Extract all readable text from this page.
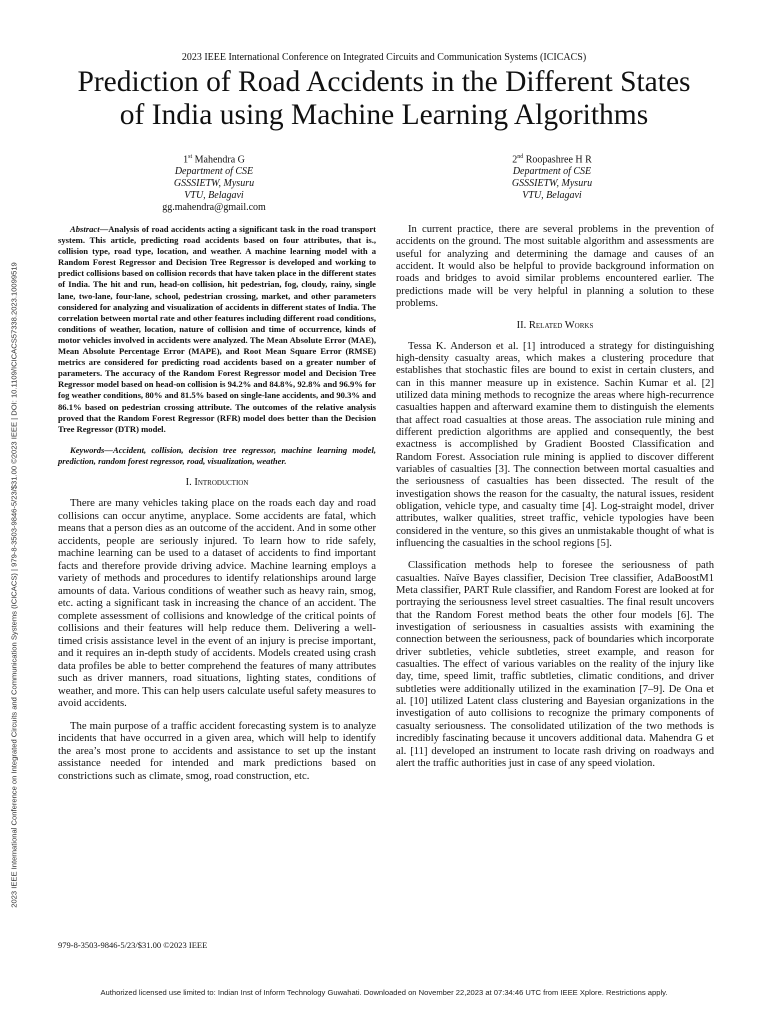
2023 IEEE International Conference on Integrated Circuits and Communication Systems (ICICACS)
Prediction of Road Accidents in the Different States
of India using Machine Learning Algorithms
2023 IEEE International Conference on Integrated Circuits and Communication Systems (ICICACS) | 979-8-3503-9846-5/23/$31.00 ©2023 IEEE | DOI: 10.1109/ICICACS57338.2023.10099519
1st Mahendra G
Department of CSE
GSSSIETW, Mysuru
VTU, Belagavi
gg.mahendra@gmail.com
2nd Roopashree H R
Department of CSE
GSSSIETW, Mysuru
VTU, Belagavi

Abstract—Analysis of road accidents acting a significant task in the road transport system. This article, predicting road accidents based on four attributes, that is., collision type, road type, location, and weather. A machine learning model with a Random Forest Regressor and Decision Tree Regressor is developed and working to predict collisions based on collision records that have taken place in the different states of India. The hit and run, head-on collision, hit pedestrian, fog, cloudy, rainy, single lane, two-lane, four-lane, school, pedestrian crossing, market, and other parameters considered for analyzing and visualization of accidents in different states of India. The correlation between mortal rate and other features including different road conditions, conditions of weather, location, nature of collision and time of occurrence, kinds of motor vehicles involved in accidents were analyzed. The Mean Absolute Error (MAE), Mean Absolute Percentage Error (MAPE), and Root Mean Square Error (RMSE) metrics are considered for predicting road accidents based on a greater number of parameters. The accuracy of the Random Forest Regressor model and Decision Tree Regressor model based on head-on collision is 94.2% and 84.8%, 92.8% and 96.9% for fog weather conditions, 80% and 81.5% based on single-lane accidents, and 90.3% and 86.1% based on pedestrian crossing attribute. The outcomes of the relative analysis proved that the Random Forest Regressor (RFR) model does better than the Decision Tree Regressor (DTR) model.

Keywords—Accident, collision, decision tree regressor, machine learning model, prediction, random forest regressor, road, visualization, weather.

I. Introduction

There are many vehicles taking place on the roads each day and road collisions can occur anytime, anyplace. Some accidents are fatal, which means that a person dies as an outcome of the accident. And in some other accidents, people are seriously injured. To learn how to ride safely, machine learning can be used to a dataset of accidents to find important facts and therefore provide driving advice. Machine learning employs a variety of methods and procedures to identify relationships around large amounts of data. Various conditions of weather such as heavy rain, smog, etc. acting a significant task in increasing the chance of an accident. The complete assessment of collisions and knowledge of the critical points of collisions and their features will help reduce them. Delivering a well-timed crisis assistance level in the event of an injury is precise important, and it requires an in-depth study of accidents. Models created using crash data profiles be able to better comprehend the features of many attributes such as driver manners, road situations, lighting states, conditions of weather, and more. This can help users calculate useful safety measures to avoid accidents.

The main purpose of a traffic accident forecasting system is to analyze incidents that have occurred in a given area, which will help to identify the area’s most prone to accidents and assistance to set up the instant assistance needed for intended and mark predictions based on constrictions such as climate, smog, road construction, etc.

In current practice, there are several problems in the prevention of accidents on the ground. The most suitable algorithm and assessments are useful for analyzing and determining the damage and causes of an accident. It would also be helpful to provide background information on roads and bridges to avoid similar problems encountered earlier. The predictions made will be very helpful in planning a solution to these problems.

II. Related Works

Tessa K. Anderson et al. [1] introduced a strategy for distinguishing high-density casualty areas, which makes a clustering procedure that establishes that stochastic files are bound to exist in certain clusters, and can in this manner measure up in existence. Sachin Kumar et al. [2] utilized data mining methods to recognize the areas where high-recurrence casualties happen and afterward examine them to distinguish the elements that affect road casualties at those areas. The association rule mining and different prediction algorithms are applied and consequently, the best exactness is accomplished by Gradient Boosted Classification and Random Forest. Association rule mining is applied to discover different variables of casualties [3]. The connection between mortal casualties and the seriousness of casualties has been dissected. The result of the investigation shows the reason for the casualty, the natural issues, resident obligation, vehicle type, and casualty time [4]. Log-straight model, driver attributes, walker qualities, street traffic, vehicle typologies have been considered in the venture, so this gives an unmistakable thought of what is influencing the casualties in the school regions [5].

Classification methods help to foresee the seriousness of path casualties. Naïve Bayes classifier, Decision Tree classifier, AdaBoostM1 Meta classifier, PART Rule classifier, and Random Forest are looked at for portraying the seriousness level street casualties. The final result uncovers that the Random Forest method beats the other four models [6]. The investigation of seriousness in casualties assists with examining the connection between the seriousness, pack of boundaries which incorporate driver subtleties, vehicle subtleties, street example, and reason for casualties. The effect of various variables on the reality of the injury like day, time, speed limit, traffic subtleties, climatic conditions, and driver subtleties were additionally utilized in the examination [7–9]. De Ona et al. [10] utilized Latent class clustering and Bayesian organizations in the investigation of auto collisions to recognize the primary components of casualty seriousness. The consolidated utilization of the two methods is incredibly fascinating because it uncovers additional data. Mahendra G et al. [11] developed an instrument to locate rash driving on roadways and alert the traffic authorities just in case of any speed violation.

979-8-3503-9846-5/23/$31.00 ©2023 IEEE
Authorized licensed use limited to: Indian Inst of Inform Technology Guwahati. Downloaded on November 22,2023 at 07:34:46 UTC from IEEE Xplore. Restrictions apply.
